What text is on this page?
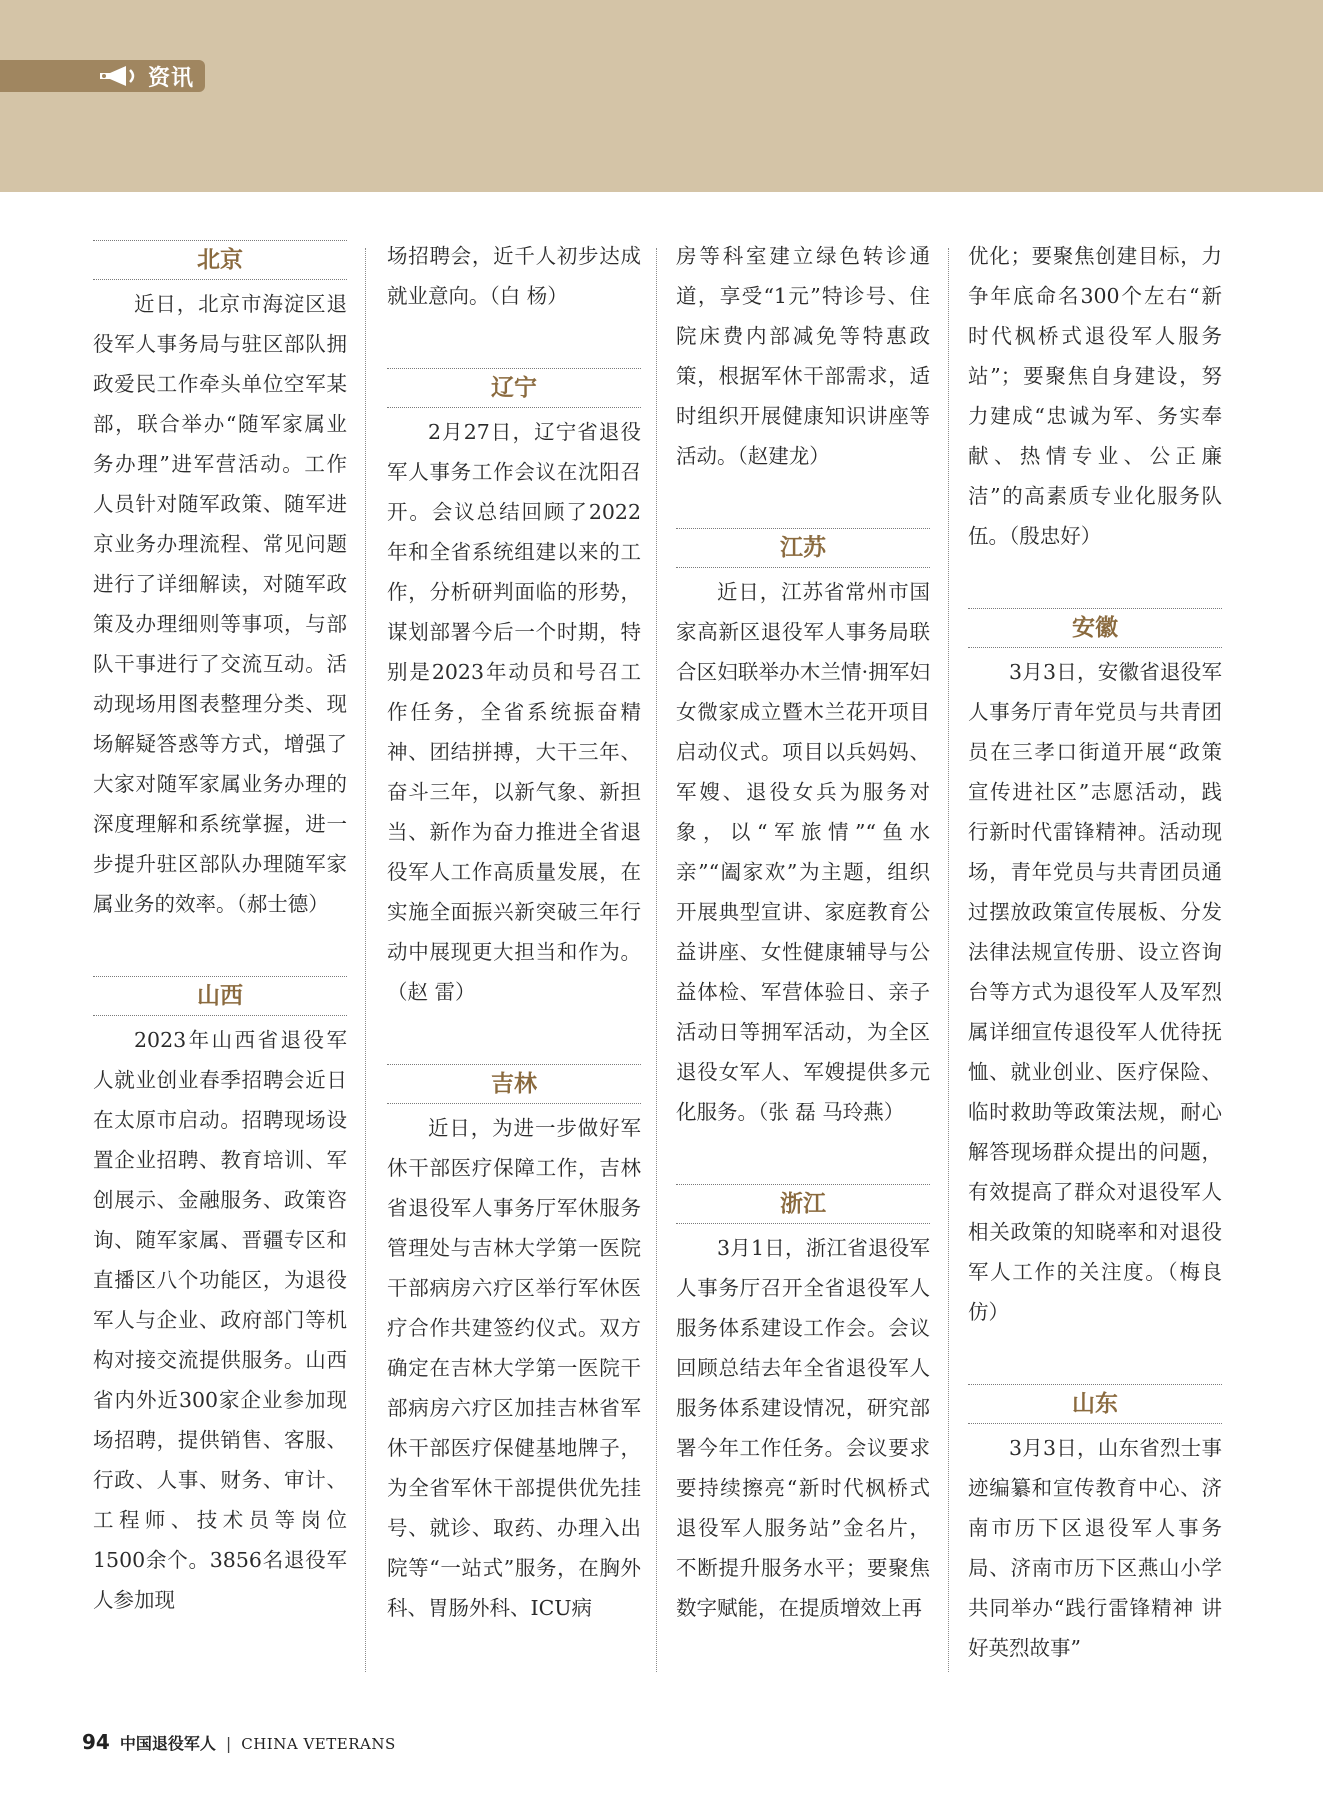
资讯
北京

近日，北京市海淀区退役军人事务局与驻区部队拥政爱民工作牵头单位空军某部，联合举办“随军家属业务办理”进军营活动。工作人员针对随军政策、随军进京业务办理流程、常见问题进行了详细解读，对随军政策及办理细则等事项，与部队干事进行了交流互动。活动现场用图表整理分类、现场解疑答惑等方式，增强了大家对随军家属业务办理的深度理解和系统掌握，进一步提升驻区部队办理随军家属业务的效率。（郝士德）

山西

2023年山西省退役军人就业创业春季招聘会近日在太原市启动。招聘现场设置企业招聘、教育培训、军创展示、金融服务、政策咨询、随军家属、晋疆专区和直播区八个功能区，为退役军人与企业、政府部门等机构对接交流提供服务。山西省内外近300家企业参加现场招聘，提供销售、客服、行政、人事、财务、审计、工程师、技术员等岗位1500余个。3856名退役军人参加现

场招聘会，近千人初步达成就业意向。（白 杨）

辽宁

2月27日，辽宁省退役军人事务工作会议在沈阳召开。会议总结回顾了2022年和全省系统组建以来的工作，分析研判面临的形势，谋划部署今后一个时期，特别是2023年动员和号召工作任务，全省系统振奋精神、团结拼搏，大干三年、奋斗三年，以新气象、新担当、新作为奋力推进全省退役军人工作高质量发展，在实施全面振兴新突破三年行动中展现更大担当和作为。（赵 雷）

吉林

近日，为进一步做好军休干部医疗保障工作，吉林省退役军人事务厅军休服务管理处与吉林大学第一医院干部病房六疗区举行军休医疗合作共建签约仪式。双方确定在吉林大学第一医院干部病房六疗区加挂吉林省军休干部医疗保健基地牌子，为全省军休干部提供优先挂号、就诊、取药、办理入出院等“一站式”服务，在胸外科、胃肠外科、ICU病

房等科室建立绿色转诊通道，享受“1元”特诊号、住院床费内部减免等特惠政策，根据军休干部需求，适时组织开展健康知识讲座等活动。（赵建龙）

江苏

近日，江苏省常州市国家高新区退役军人事务局联合区妇联举办木兰情·拥军妇女微家成立暨木兰花开项目启动仪式。项目以兵妈妈、军嫂、退役女兵为服务对象，以“军旅情”“鱼水亲”“阖家欢”为主题，组织开展典型宣讲、家庭教育公益讲座、女性健康辅导与公益体检、军营体验日、亲子活动日等拥军活动，为全区退役女军人、军嫂提供多元化服务。（张 磊 马玲燕）

浙江

3月1日，浙江省退役军人事务厅召开全省退役军人服务体系建设工作会。会议回顾总结去年全省退役军人服务体系建设情况，研究部署今年工作任务。会议要求要持续擦亮“新时代枫桥式退役军人服务站”金名片，不断提升服务水平；要聚焦数字赋能，在提质增效上再

优化；要聚焦创建目标，力争年底命名300个左右“新时代枫桥式退役军人服务站”；要聚焦自身建设，努力建成“忠诚为军、务实奉献、热情专业、公正廉洁”的高素质专业化服务队伍。（殷忠好）

安徽

3月3日，安徽省退役军人事务厅青年党员与共青团员在三孝口街道开展“政策宣传进社区”志愿活动，践行新时代雷锋精神。活动现场，青年党员与共青团员通过摆放政策宣传展板、分发法律法规宣传册、设立咨询台等方式为退役军人及军烈属详细宣传退役军人优待抚恤、就业创业、医疗保险、临时救助等政策法规，耐心解答现场群众提出的问题，有效提高了群众对退役军人相关政策的知晓率和对退役军人工作的关注度。（梅良仿）

山东

3月3日，山东省烈士事迹编纂和宣传教育中心、济南市历下区退役军人事务局、济南市历下区燕山小学共同举办“践行雷锋精神 讲好英烈故事”

94 中国退役军人 | CHINA VETERANS
